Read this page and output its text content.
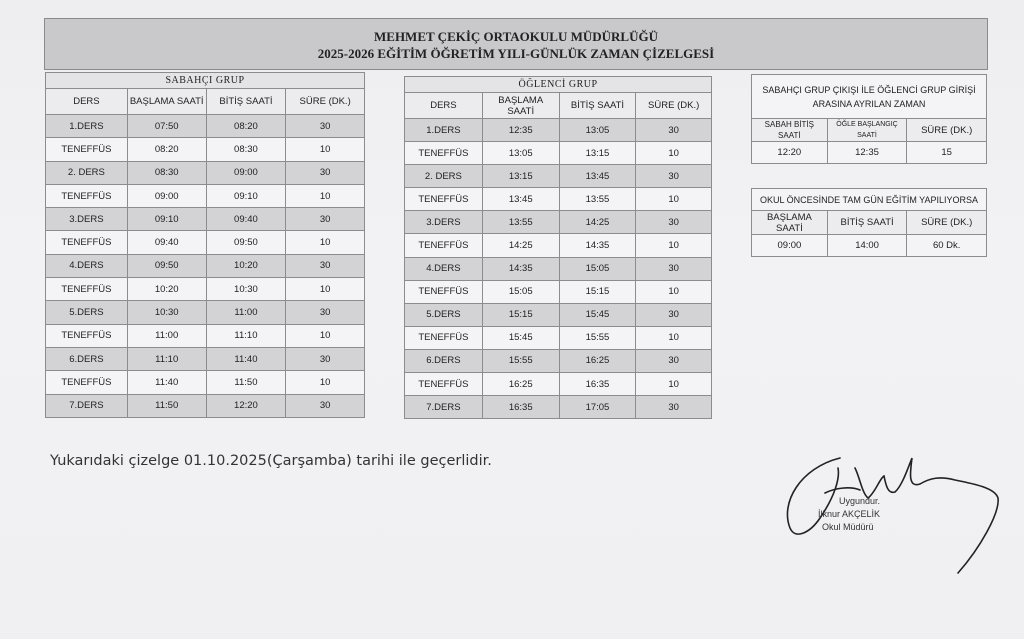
MEHMET ÇEKİÇ ORTAOKULU MÜDÜRLÜĞÜ
2025-2026 EĞİTİM ÖĞRETİM YILI-GÜNLÜK ZAMAN ÇİZELGESİ
SABAHÇI GRUP			
DERS	BAŞLAMA SAATİ	BİTİŞ SAATİ	SÜRE (DK.)
1.DERS	07:50	08:20	30
TENEFFÜS	08:20	08:30	10
2. DERS	08:30	09:00	30
TENEFFÜS	09:00	09:10	10
3.DERS	09:10	09:40	30
TENEFFÜS	09:40	09:50	10
4.DERS	09:50	10:20	30
TENEFFÜS	10:20	10:30	10
5.DERS	10:30	11:00	30
TENEFFÜS	11:00	11:10	10
6.DERS	11:10	11:40	30
TENEFFÜS	11:40	11:50	10
7.DERS	11:50	12:20	30
ÖĞLENCİ GRUP			
DERS	BAŞLAMA SAATİ	BİTİŞ SAATİ	SÜRE (DK.)
1.DERS	12:35	13:05	30
TENEFFÜS	13:05	13:15	10
2. DERS	13:15	13:45	30
TENEFFÜS	13:45	13:55	10
3.DERS	13:55	14:25	30
TENEFFÜS	14:25	14:35	10
4.DERS	14:35	15:05	30
TENEFFÜS	15:05	15:15	10
5.DERS	15:15	15:45	30
TENEFFÜS	15:45	15:55	10
6.DERS	15:55	16:25	30
TENEFFÜS	16:25	16:35	10
7.DERS	16:35	17:05	30
SABAHÇI GRUP ÇIKIŞI İLE ÖĞLENCİ GRUP GİRİŞİ
ARASINA AYRILAN ZAMAN		

SABAH BİTİŞ SAATİ	ÖĞLE BAŞLANGIÇ SAATİ	SÜRE (DK.)
12:20	12:35	15
OKUL ÖNCESİNDE TAM GÜN EĞİTİM YAPILIYORSA		
BAŞLAMA SAATİ	BİTİŞ SAATİ	SÜRE (DK.)
09:00	14:00	60 Dk.
Yukarıdaki çizelge 01.10.2025(Çarşamba) tarihi ile geçerlidir.
Uygundur.
İlknur AKÇELİK
Okul Müdürü
